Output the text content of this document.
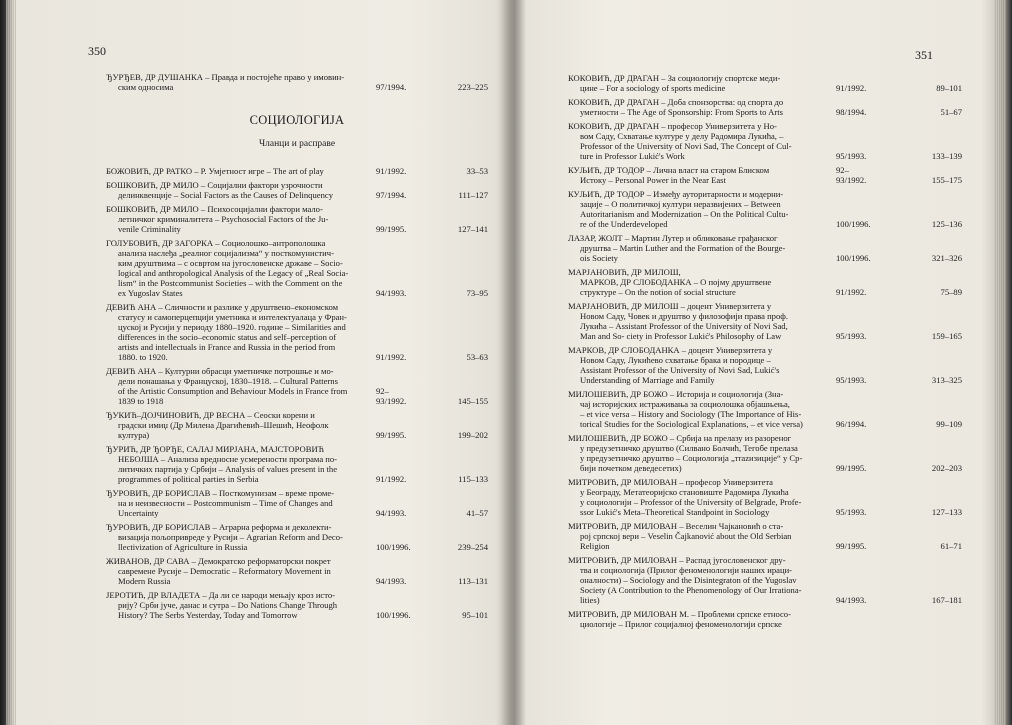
350
ЂУРЂЕВ, ДР ДУШАНКА – Правда и постојеће право у имовин-
ским односима	97/1994.	223–225
СОЦИОЛОГИЈА
Чланци и расправе
БОЖОВИЋ, ДР РАТКО – Р. Умјетност игре – The art of play	91/1992.	33–53
БОШКОВИЋ, ДР МИЛО – Социјални фактори узрочности
делинквенције – Social Factors as the Causes of Delinquency	97/1994.	111–127
БОШКОВИЋ, ДР МИЛО – Психосоцијални фактори мало-
летничког криминалитета – Psychosocial Factors of the Ju-
venile Criminality	99/1995.	127–141
ГОЛУБОВИЋ, ДР ЗАГОРКА – Социолошко–антрополошка
анализа наслеђа „реалног социјализма“ у посткомунистич-
ким друштвима – с освртом на југословенске државе – Socio-
logical and anthropological Analysis of the Legacy of „Real Socia-
lism“ in the Postcommunist Societies – with the Comment on the
ex Yugoslav States	94/1993.	73–95
ДЕВИЋ АНА – Сличности и разлике у друштвено–економском
статусу и самоперцепцији уметника и интелектуалаца у Фран-
цуској и Русији у периоду 1880–1920. године – Similarities and
differences in the socio–economic status and self–perception of
artists and intellectuals in France and Russia in the period from
1880. to 1920.	91/1992.	53–63
ДЕВИЋ АНА – Културни обрасци уметничке потрошње и мо-
дели понашања у Француској, 1830–1918. – Cultural Patterns
of the Artistic Consumption and Behaviour Models in France from
1839 to 1918
92–93/1992.	145–155
ЂУКИЋ–ДОЈЧИНОВИЋ, ДР ВЕСНА – Сеоски корени и
градски имиџ (Др Милена Драгићевић–Шешић, Неофолк
култура)	99/1995.	199–202
ЂУРИЋ, ДР ЂОРЂЕ, САЛАЈ МИРЈАНА, МАЈСТОРОВИЋ
НЕБОЈША – Анализа вредносне усмерености програма по-
литичких партија у Србији – Analysis of values present in the
programmes of political parties in Serbia	91/1992.	115–133
ЂУРОВИЋ, ДР БОРИСЛАВ – Посткомунизам – време проме-
на и неизвесности – Postcommunism – Time of Changes and
Uncertainty	94/1993.	41–57
ЂУРОВИЋ, ДР БОРИСЛАВ – Аграрна реформа и деколекти-
визација пољопривреде у Русији – Agrarian Reform and Deco-
llectivization of Agriculture in Russia	100/1996.	239–254
ЖИВАНОВ, ДР САВА – Демократско реформаторски покрет
савремене Русије – Democratic – Reformatory Movement in
Modern Russia	94/1993.	113–131
ЈЕРОТИЋ, ДР ВЛАДЕТА – Да ли се народи мењају кроз исто-
рију? Срби јуче, данас и сутра – Do Nations Change Through
History? The Serbs Yesterday, Today and Tomorrow	100/1996.	95–101
351
КОКОВИЋ, ДР ДРАГАН – За социологију спортске меди-
цине – For a sociology of sports medicine	91/1992.	89–101
КОКОВИЋ, ДР ДРАГАН – Доба спонзорства: од спорта до
уметности – The Age of Sponsorship: From Sports to Arts	98/1994.	51–67
КОКОВИЋ, ДР ДРАГАН – професор Универзитета у Но-
вом Саду, Схватање културе у делу Радомира Лукића, –
Professor of the University of Novi Sad, The Concept of Cul-
ture in Professor Lukić's Work	95/1993.	133–139
КУЉИЋ, ДР ТОДОР – Лична власт на старом Блиском
Истоку – Personal Power in the Near East
92–93/1992.	155–175
КУЉИЋ, ДР ТОДОР – Између ауторитарности и модерни-
зације – О политичкој култури неразвијених – Between
Autoritarianism and Modernization – On the Political Cultu-
re of the Underdeveloped	100/1996.	125–136
ЛАЗАР, ЖОЛТ – Мартин Лутер и обликовање грађанског
друштва – Martin Luther and the Formation of the Bourge-
ois Society	100/1996.	321–326
МАРЈАНОВИЋ, ДР МИЛОШ,
МАРКОВ, ДР СЛОБОДАНКА – О појму друштвене
структуре – On the notion of social structure	91/1992.	75–89
МАРЈАНОВИЋ, ДР МИЛОШ – доцент Универзитета у
Новом Саду, Човек и друштво у филозофији права проф.
Лукића – Assistant Professor of the University of Novi Sad,
Man and So- ciety in Professor Lukić's Philosophy of Law	95/1993.	159–165
МАРКОВ, ДР СЛОБОДАНКА – доцент Универзитета у
Новом Саду, Лукићево схватање брака и породице –
Assistant Professor of the University of Novi Sad, Lukić's
Understanding of Marriage and Family	95/1993.	313–325
МИЛОШЕВИЋ, ДР БОЖО – Историја и социологија (Зна-
чај историјских истраживања за социолошка објашњења,
– et vice versa – History and Sociology (The Importance of His-
torical Studies for the Sociological Explanations, – et vice versa)	96/1994.	99–109
МИЛОШЕВИЋ, ДР БОЖО – Србија на прелазу из разореног
у предузетничко друштво (Силвано Болчић, Тегобе прелаза
у предузетничко друштво – Социологија „тrazизиције“ у Ср-
бији почетком деведесетих)	99/1995.	202–203
МИТРОВИЋ, ДР МИЛОВАН – професор Универзитета
у Београду, Метатеоријско становиште Радомира Лукића
у социологији – Professor of the University of Belgrade, Profe-
ssor Lukić's Meta–Theoretical Standpoint in Sociology	95/1993.	127–133
МИТРОВИЋ, ДР МИЛОВАН – Веселин Чајкановић о ста-
рој српској вери – Veselin Čajkanović about the Old Serbian
Religion	99/1995.	61–71
МИТРОВИЋ, ДР МИЛОВАН – Распад југословенског дру-
тва и социологија (Прилог феноменологији наших ираци-
оналности) – Sociology and the Disintegraton of the Yugoslav
Society (A Contribution to the Phenomenology of Our Irrationa-
lities)	94/1993.	167–181
МИТРОВИЋ, ДР МИЛОВАН М. – Проблеми српске етносо-
циологије – Прилог социјалној феноменологији српске
